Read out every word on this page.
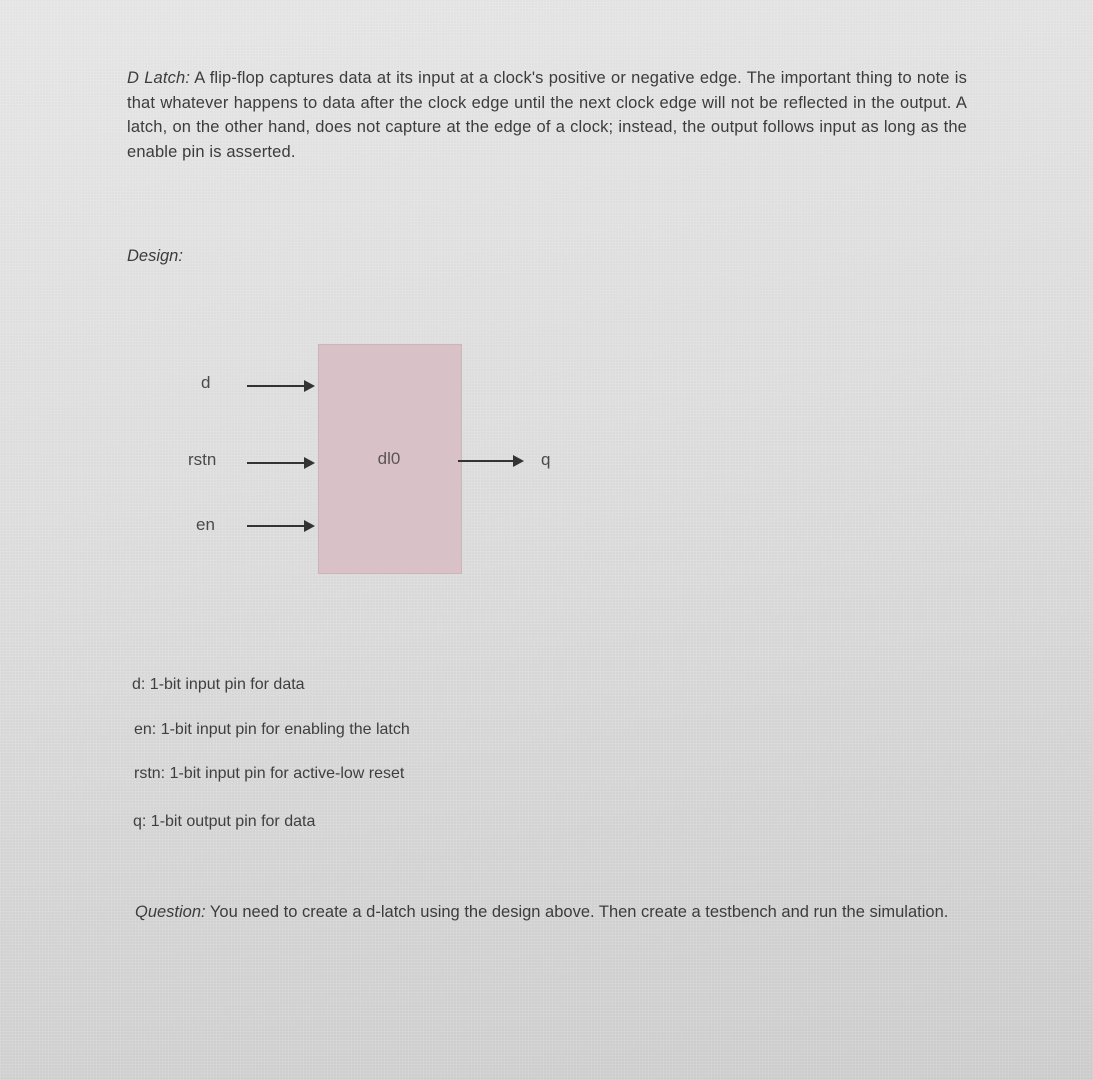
D Latch: A flip-flop captures data at its input at a clock's positive or negative edge. The important thing to note is that whatever happens to data after the clock edge until the next clock edge will not be reflected in the output. A latch, on the other hand, does not capture at the edge of a clock; instead, the output follows input as long as the enable pin is asserted.

Design:

dl0

d

rstn

en

q

d: 1-bit input pin for data
en: 1-bit input pin for enabling the latch
rstn: 1-bit input pin for active-low reset
q: 1-bit output pin for data

Question: You need to create a d-latch using the design above. Then create a testbench and run the simulation.
